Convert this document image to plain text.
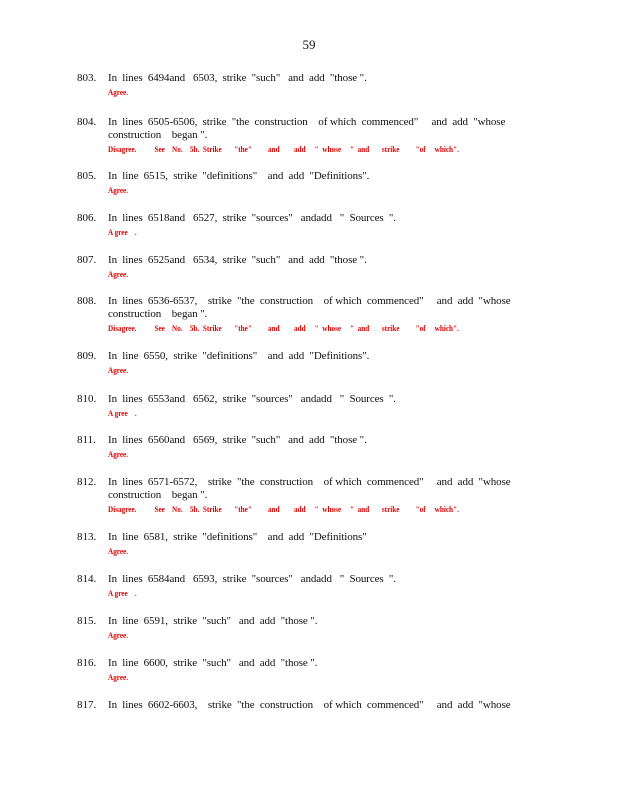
59
803. In  lines  6494and   6503,  strike  "such"   and  add  "those ".
Agree.
804. In  lines  6505-6506,  strike  "the  construction    of which  commenced"     and  add  "whose
construction    began ".
Disagree.          See    No.    5b.  Strike       "the"         and        add     "  whose     "  and       strike         "of     which".
805. In  line  6515,  strike  "definitions"    and  add  "Definitions".
Agree.
806. In  lines  6518and   6527,  strike  "sources"   andadd   "  Sources  ".
A gree    .
807. In  lines  6525and   6534,  strike  "such"   and  add  "those ".
Agree.
808. In  lines  6536-6537,    strike  "the  construction    of which  commenced"     and  add  "whose
construction    began ".
Disagree.          See    No.    5b.  Strike       "the"         and        add     "  whose     "  and       strike         "of     which".
809. In  line  6550,  strike  "definitions"    and  add  "Definitions".
Agree.
810. In  lines  6553and   6562,  strike  "sources"   andadd   "  Sources  ".
A gree    .
811. In  lines  6560and   6569,  strike  "such"   and  add  "those ".
Agree.
812. In  lines  6571-6572,    strike  "the  construction    of which  commenced"     and  add  "whose
construction    began ".
Disagree.          See    No.    5b.  Strike       "the"         and        add     "  whose     "  and       strike         "of     which".
813. In  line  6581,  strike  "definitions"    and  add  "Definitions"
Agree.
814. In  lines  6584and   6593,  strike  "sources"   andadd   "  Sources  ".
A gree    .
815. In  line  6591,  strike  "such"   and  add  "those ".
Agree.
816. In  line  6600,  strike  "such"   and  add  "those ".
Agree.
817. In  lines  6602-6603,    strike  "the  construction    of which  commenced"     and  add  "whose
